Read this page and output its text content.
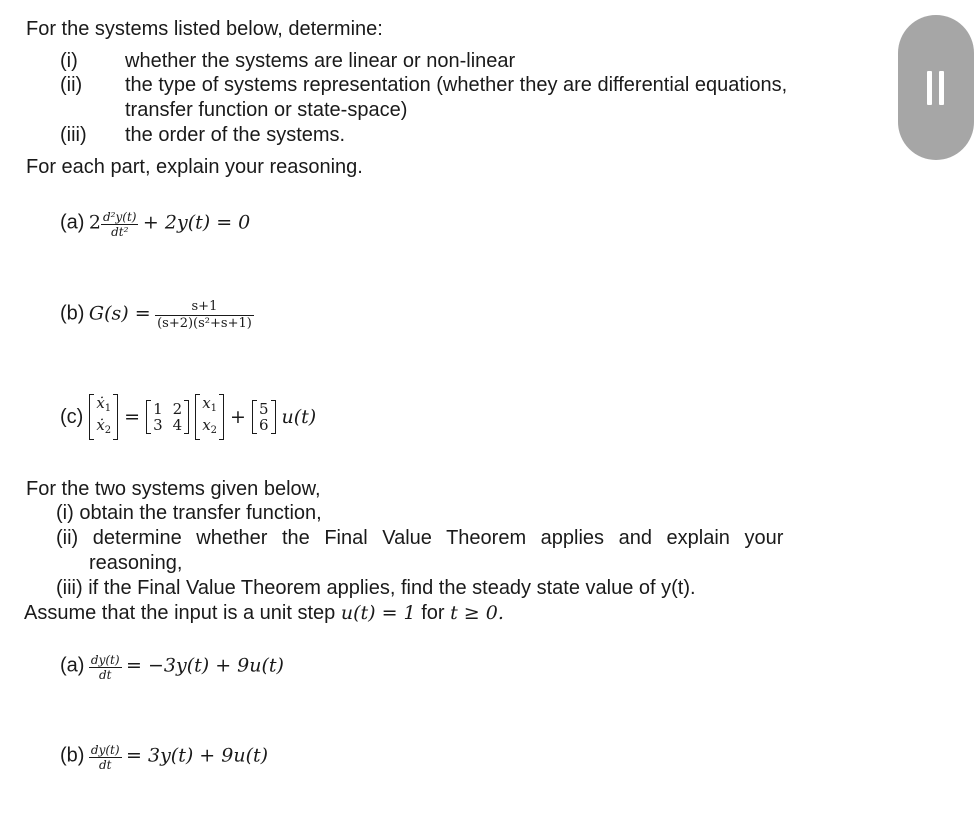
For the systems listed below, determine:
(i) whether the systems are linear or non-linear
(ii) the type of systems representation (whether they are differential equations,
transfer function or state-space)
(iii) the order of the systems.
For each part, explain your reasoning.
(a) $2 \frac{\text{d²y(t)}}{\text{dt²}} + 2y(t) = 0$
(b) $G(s) = \frac{s+1}{\text{(s+2)(s²+s+1)}}$
(c)
ẋ$_1$
ẋ$_2$
= 1 2
3 4
$x_1$
$x_2$
+ 5
6 u(t)
For the two systems given below,
(i) obtain the transfer function,
(ii) determine whether the Final Value Theorem applies and explain your
reasoning,
(iii) if the Final Value Theorem applies, find the steady state value of y(t).
Assume that the input is a unit step u(t) = 1 for t ≥ 0.
$(a) \frac{dy(t)}{dt} = -3y(t) + 9u(t)$
$(b) \frac{dy(t)}{dt} = 3y(t) + 9u(t)$
